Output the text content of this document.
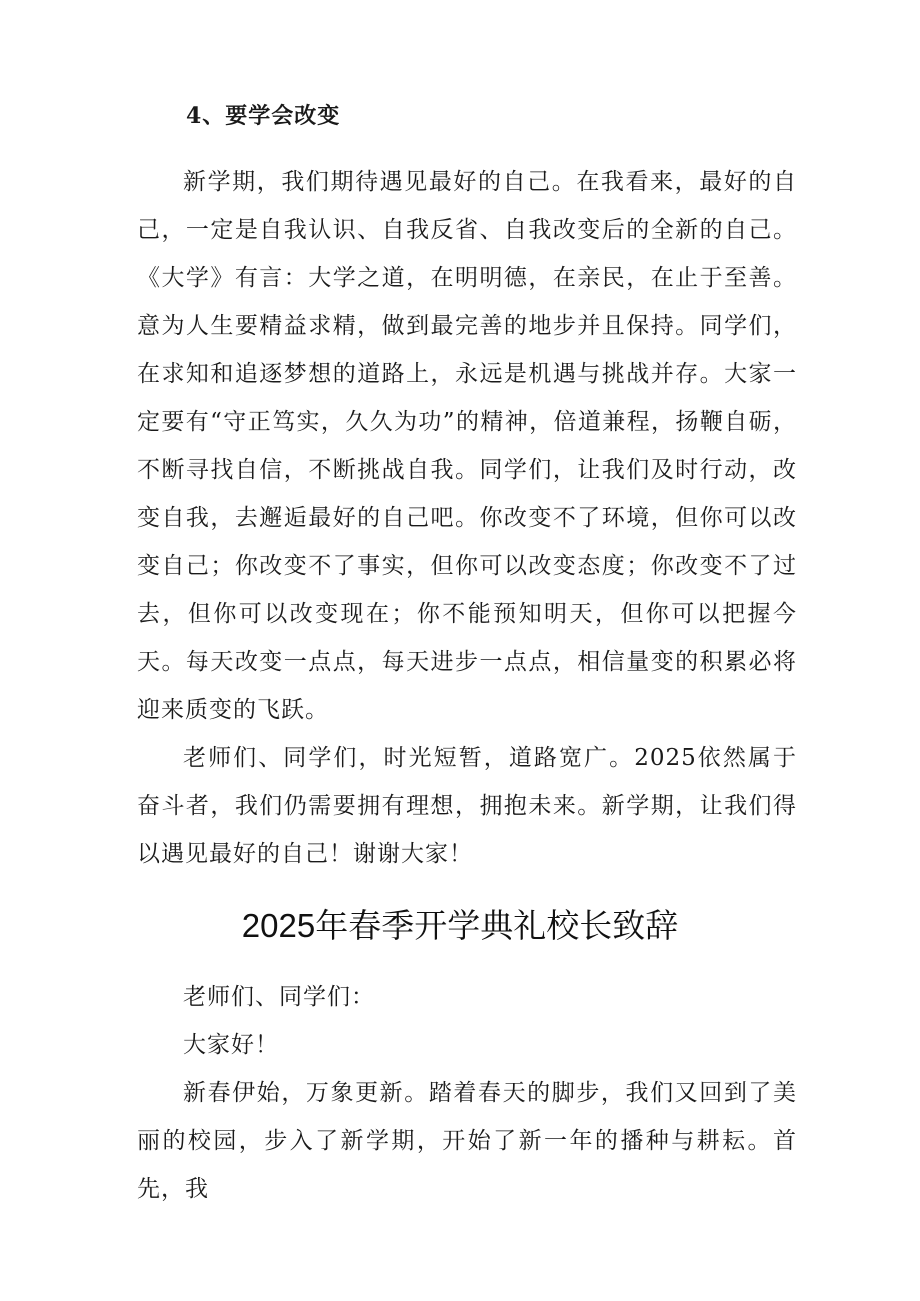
4、要学会改变

新学期，我们期待遇见最好的自己。在我看来，最好的自己，一定是自我认识、自我反省、自我改变后的全新的自己。《大学》有言：大学之道，在明明德，在亲民，在止于至善。意为人生要精益求精，做到最完善的地步并且保持。同学们，在求知和追逐梦想的道路上，永远是机遇与挑战并存。大家一定要有“守正笃实，久久为功”的精神，倍道兼程，扬鞭自砺，不断寻找自信，不断挑战自我。同学们，让我们及时行动，改变自我，去邂逅最好的自己吧。你改变不了环境，但你可以改变自己；你改变不了事实，但你可以改变态度；你改变不了过去，但你可以改变现在；你不能预知明天，但你可以把握今天。每天改变一点点，每天进步一点点，相信量变的积累必将迎来质变的飞跃。

老师们、同学们，时光短暂，道路宽广。2025依然属于奋斗者，我们仍需要拥有理想，拥抱未来。新学期，让我们得以遇见最好的自己！谢谢大家！

2025年春季开学典礼校长致辞

老师们、同学们：

大家好！

新春伊始，万象更新。踏着春天的脚步，我们又回到了美丽的校园，步入了新学期，开始了新一年的播种与耕耘。首先，我
